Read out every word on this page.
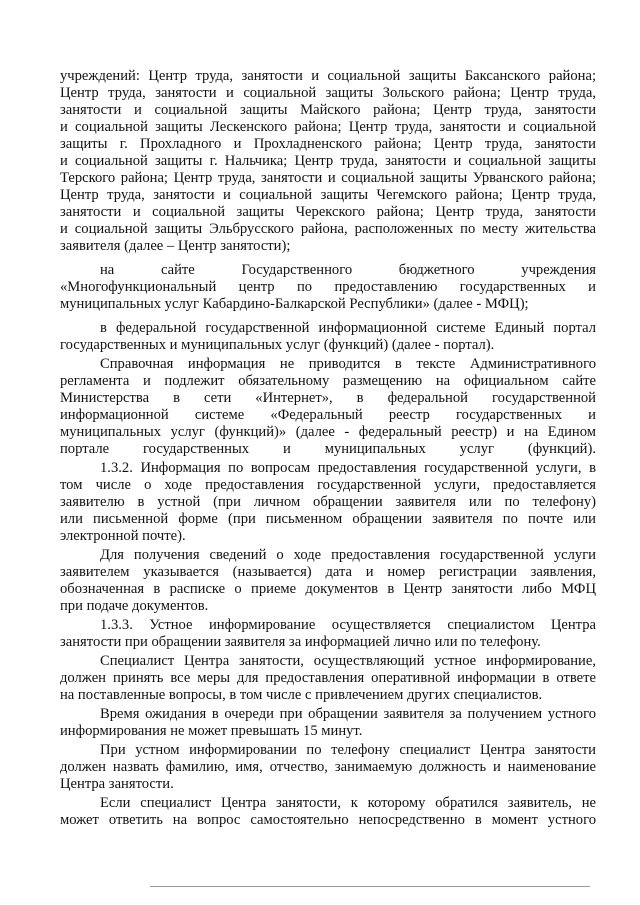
учреждений: Центр труда, занятости и социальной защиты Баксанского района;
Центр труда, занятости и социальной защиты Зольского района; Центр труда,
занятости и социальной защиты Майского района; Центр труда, занятости
и социальной защиты Лескенского района; Центр труда, занятости и социальной
защиты г. Прохладного и Прохладненского района; Центр труда, занятости
и социальной защиты г. Нальчика; Центр труда, занятости и социальной защиты
Терского района; Центр труда, занятости и социальной защиты Урванского района;
Центр труда, занятости и социальной защиты Чегемского района; Центр труда,
занятости и социальной защиты Черекского района; Центр труда, занятости
и социальной защиты Эльбрусского района, расположенных по месту жительства
заявителя (далее – Центр занятости);
на сайте Государственного бюджетного учреждения
«Многофункциональный центр по предоставлению государственных и
муниципальных услуг Кабардино-Балкарской Республики» (далее - МФЦ);
в федеральной государственной информационной системе Единый портал
государственных и муниципальных услуг (функций) (далее - портал).
Справочная информация не приводится в тексте Административного
регламента и подлежит обязательному размещению на официальном сайте
Министерства в сети «Интернет», в федеральной государственной
информационной системе «Федеральный реестр государственных и
муниципальных услуг (функций)» (далее - федеральный реестр) и на Едином
портале государственных и муниципальных услуг (функций).
1.3.2. Информация по вопросам предоставления государственной услуги, в
том числе о ходе предоставления государственной услуги, предоставляется
заявителю в устной (при личном обращении заявителя или по телефону)
или письменной форме (при письменном обращении заявителя по почте или
электронной почте).
Для получения сведений о ходе предоставления государственной услуги
заявителем указывается (называется) дата и номер регистрации заявления,
обозначенная в расписке о приеме документов в Центр занятости либо МФЦ
при подаче документов.
1.3.3. Устное информирование осуществляется специалистом Центра
занятости при обращении заявителя за информацией лично или по телефону.
Специалист Центра занятости, осуществляющий устное информирование,
должен принять все меры для предоставления оперативной информации в ответе
на поставленные вопросы, в том числе с привлечением других специалистов.
Время ожидания в очереди при обращении заявителя за получением устного
информирования не может превышать 15 минут.
При устном информировании по телефону специалист Центра занятости
должен назвать фамилию, имя, отчество, занимаемую должность и наименование
Центра занятости.
Если специалист Центра занятости, к которому обратился заявитель, не
может ответить на вопрос самостоятельно непосредственно в момент устного
